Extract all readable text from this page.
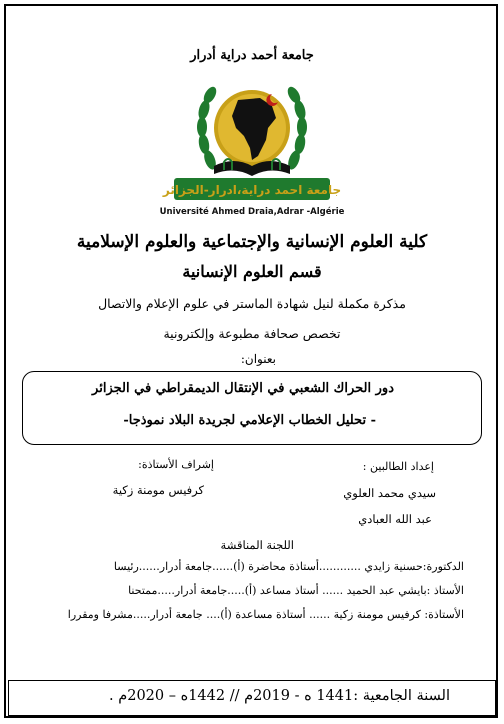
جامعة أحمد دراية أدرار
جامعة احمد دراية،ادرار-الجزائر
Université Ahmed Draia,Adrar -Algérie
كلية العلوم الإنسانية والإجتماعية والعلوم الإسلامية
قسم العلوم الإنسانية
مذكرة مكملة لنيل شهادة الماستر في علوم الإعلام والاتصال
تخصص صحافة مطبوعة وإلكترونية
بعنوان:
دور الحراك الشعبي في الإنتقال الديمقراطي في الجزائر
- تحليل الخطاب الإعلامي لجريدة البلاد نموذجا-
إعداد الطالبين :
إشراف الأستاذة:
سيدي محمد العلوي
كرفيس مومنة زكية
عبد الله العبادي
اللجنة المناقشة
الدكتورة:حسنية زايدي ............أستاذة محاضرة (أ)......جامعة أدرار......رئيسا
الأستاذ :بايشي عبد الحميد ...... أستاذ مساعد (أ).....جامعة أدرار.....ممتحنا
الأستاذة: كرفيس مومنة زكية ...... أستاذة مساعدة (أ).... جامعة أدرار.....مشرفا ومقررا
السنة الجامعية :1441 ه - 2019م // 1442ه – 2020م .
